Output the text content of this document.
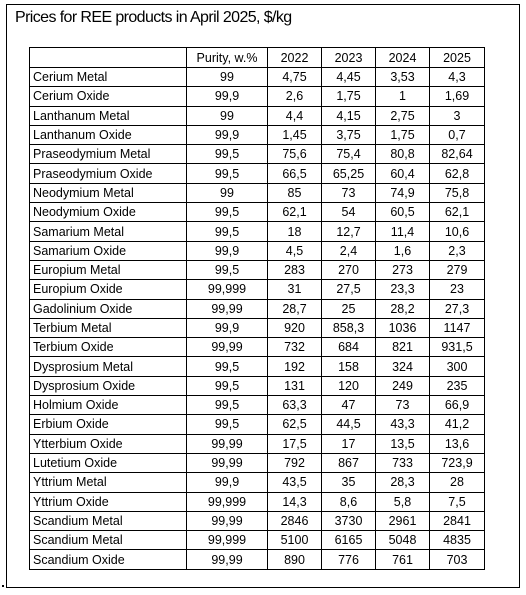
Prices for REE products in April 2025, $/kg
	Purity, w.%	2022	2023	2024	2025
Cerium Metal	99	4,75	4,45	3,53	4,3
Cerium Oxide	99,9	2,6	1,75	1	1,69
Lanthanum Metal	99	4,4	4,15	2,75	3
Lanthanum Oxide	99,9	1,45	3,75	1,75	0,7
Praseodymium Metal	99,5	75,6	75,4	80,8	82,64
Praseodymium Oxide	99,5	66,5	65,25	60,4	62,8
Neodymium Metal	99	85	73	74,9	75,8
Neodymium Oxide	99,5	62,1	54	60,5	62,1
Samarium Metal	99,5	18	12,7	11,4	10,6
Samarium Oxide	99,9	4,5	2,4	1,6	2,3
Europium Metal	99,5	283	270	273	279
Europium Oxide	99,999	31	27,5	23,3	23
Gadolinium Oxide	99,99	28,7	25	28,2	27,3
Terbium Metal	99,9	920	858,3	1036	1147
Terbium Oxide	99,99	732	684	821	931,5
Dysprosium Metal	99,5	192	158	324	300
Dysprosium Oxide	99,5	131	120	249	235
Holmium Oxide	99,5	63,3	47	73	66,9
Erbium Oxide	99,5	62,5	44,5	43,3	41,2
Ytterbium Oxide	99,99	17,5	17	13,5	13,6
Lutetium Oxide	99,99	792	867	733	723,9
Yttrium Metal	99,9	43,5	35	28,3	28
Yttrium Oxide	99,999	14,3	8,6	5,8	7,5
Scandium Metal	99,99	2846	3730	2961	2841
Scandium Metal	99,999	5100	6165	5048	4835
Scandium Oxide	99,99	890	776	761	703
